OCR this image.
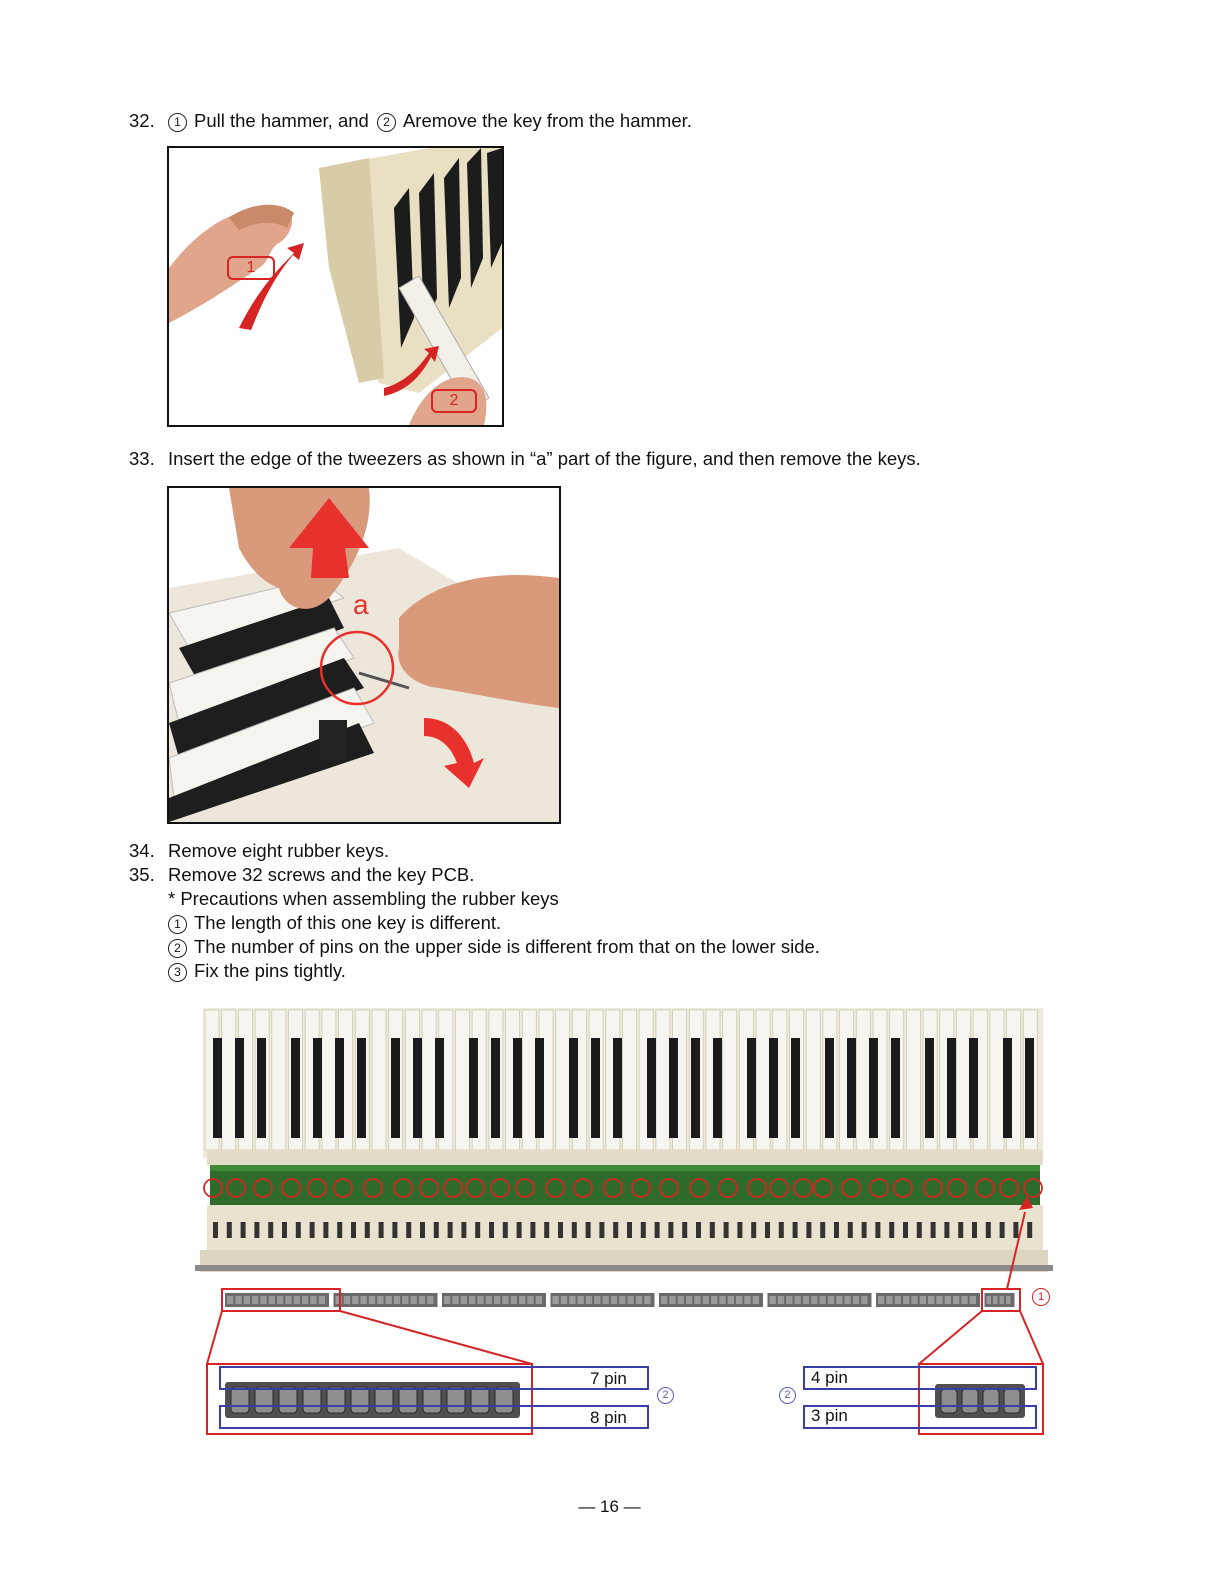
32. 1 Pull the hammer, and 2 Aremove the key from the hammer.
1
2
33. Insert the edge of the tweezers as shown in “a” part of the figure, and then remove the keys.
a
34. Remove eight rubber keys.
35. Remove 32 screws and the key PCB.
* Precautions when assembling the rubber keys
1 The length of this one key is different.
2 The number of pins on the upper side is different from that on the lower side.
3 Fix the pins tightly.
7 pin
8 pin
4 pin
3 pin
2	2
1
— 16 —
